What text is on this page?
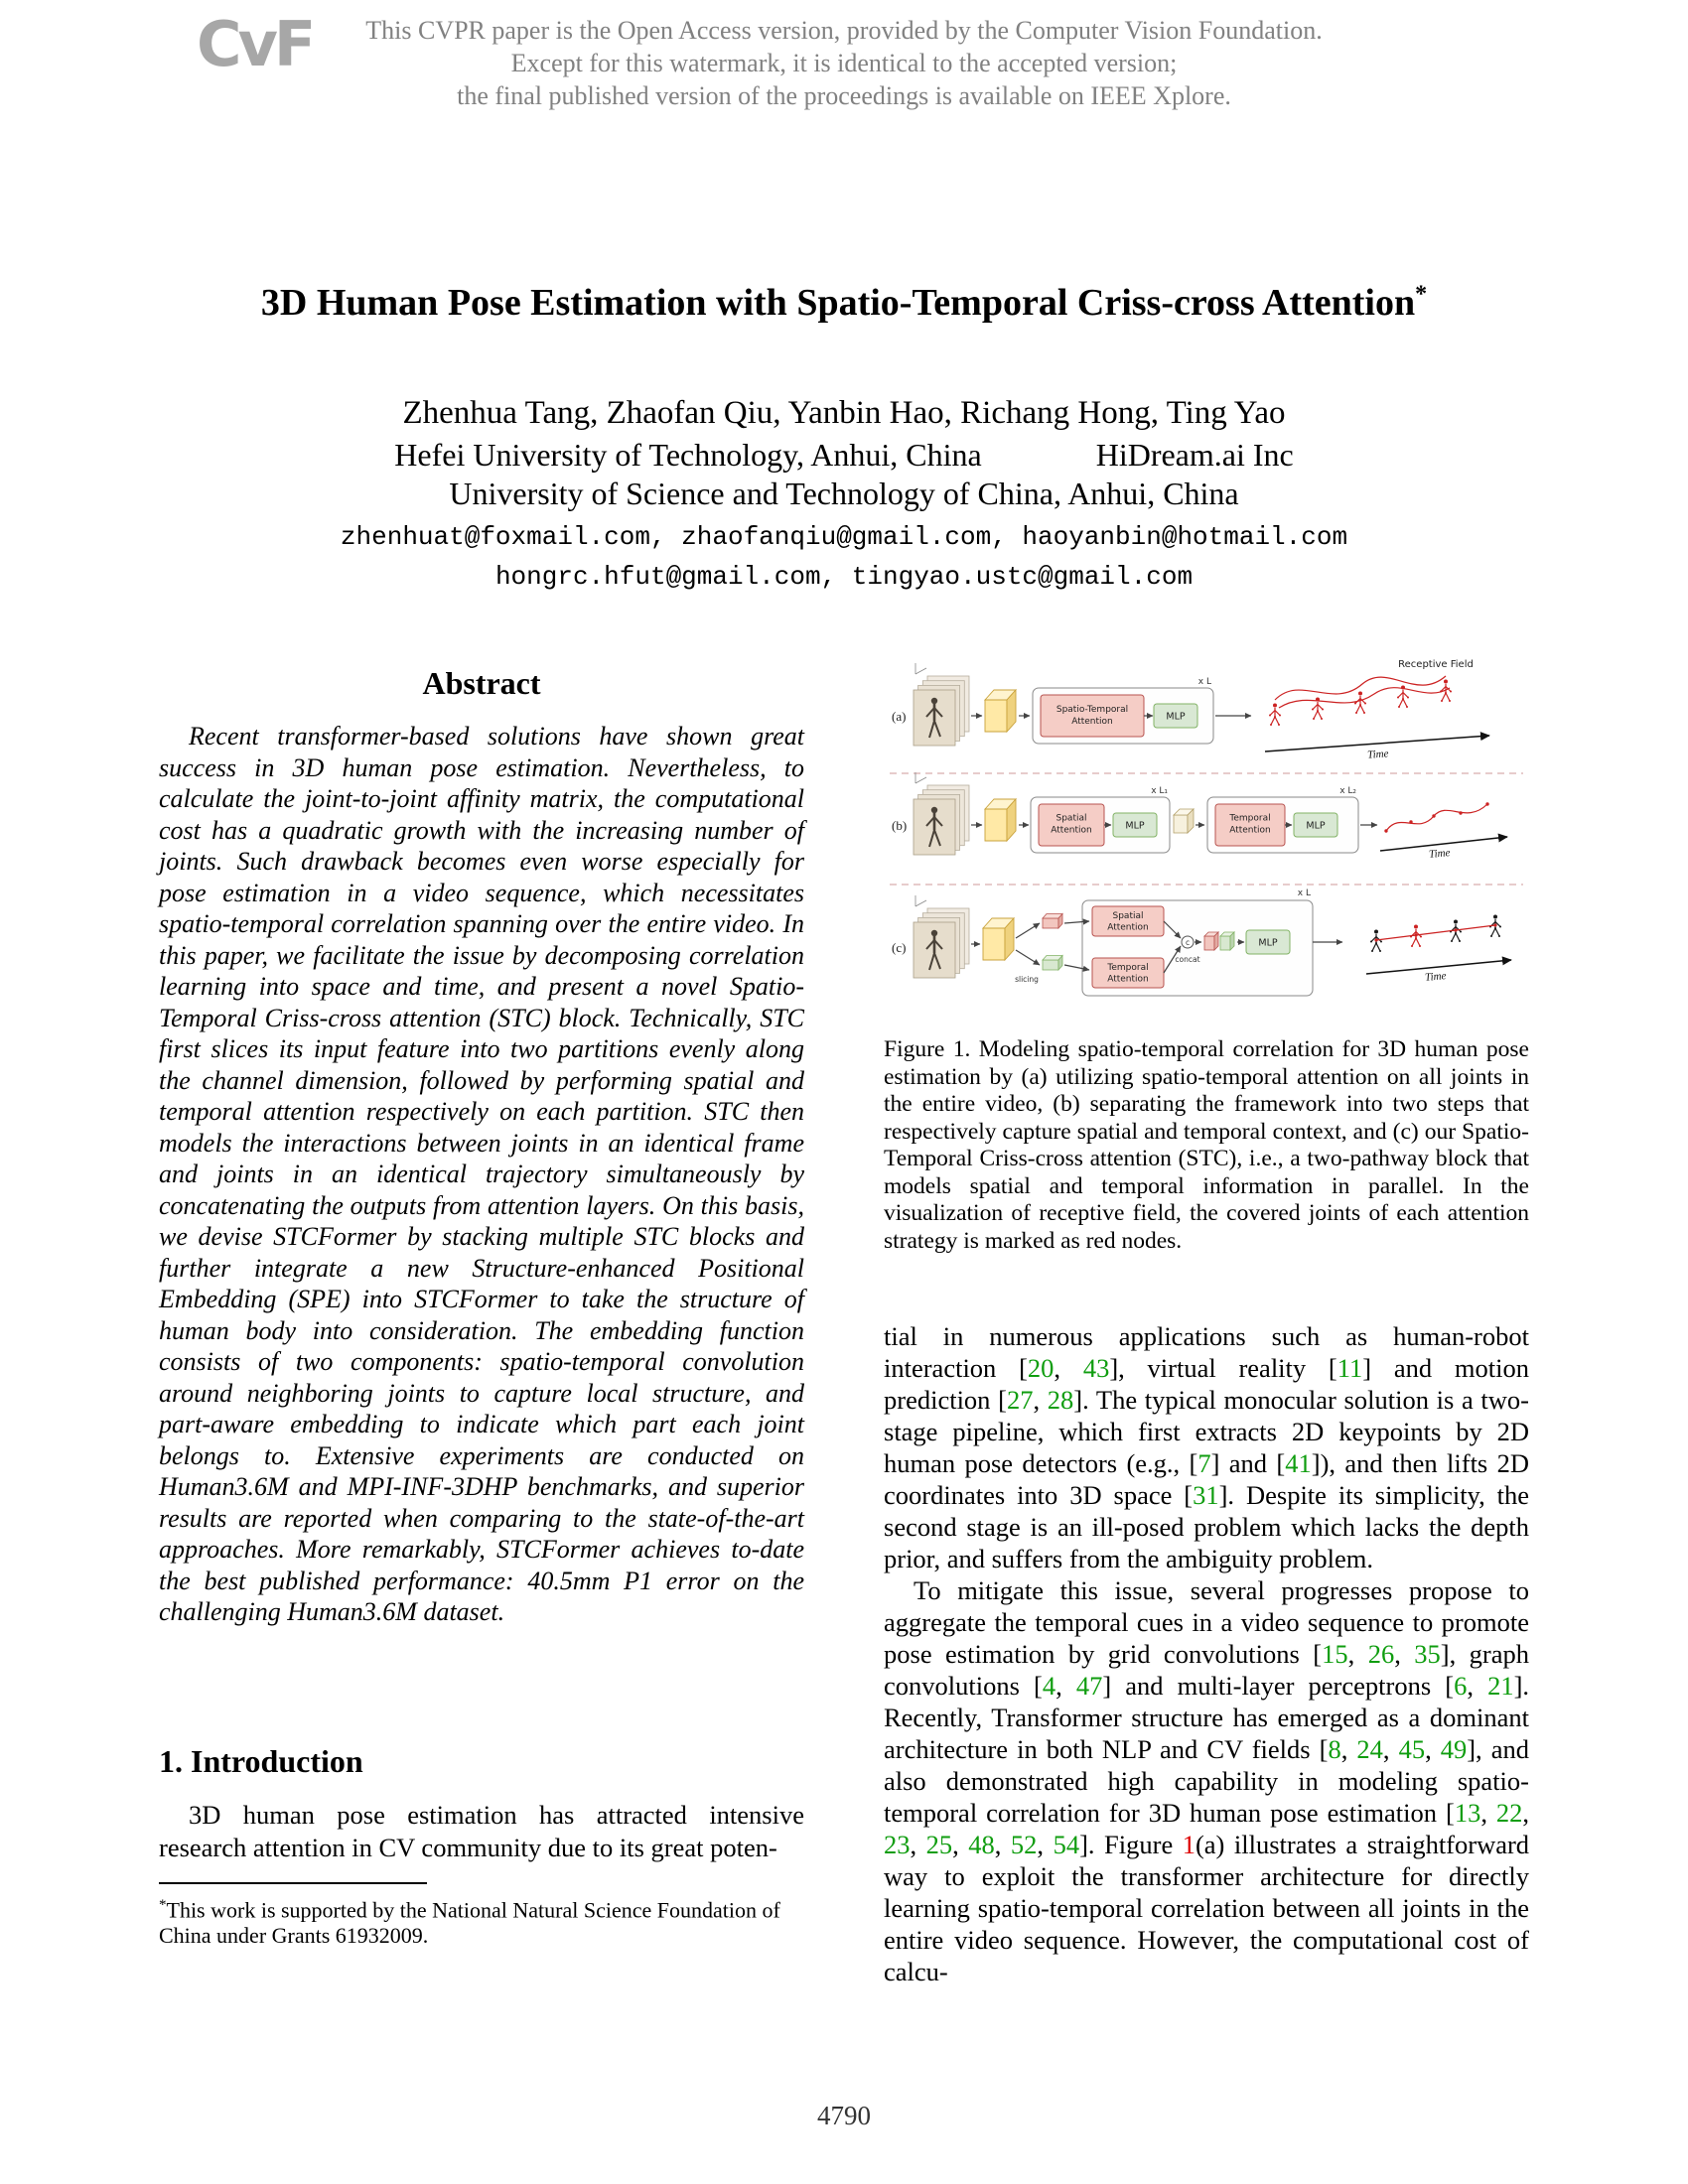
CvF	This CVPR paper is the Open Access version, provided by the Computer Vision Foundation.
Except for this watermark, it is identical to the accepted version;
the final published version of the proceedings is available on IEEE Xplore.
3D Human Pose Estimation with Spatio-Temporal Criss-cross Attention*
Zhenhua Tang, Zhaofan Qiu, Yanbin Hao, Richang Hong, Ting Yao
Hefei University of Technology, Anhui, China	HiDream.ai Inc
University of Science and Technology of China, Anhui, China
zhenhuat@foxmail.com, zhaofanqiu@gmail.com, haoyanbin@hotmail.com
hongrc.hfut@gmail.com, tingyao.ustc@gmail.com
Abstract

Recent transformer-based solutions have shown great success in 3D human pose estimation. Nevertheless, to calculate the joint-to-joint affinity matrix, the computational cost has a quadratic growth with the increasing number of joints. Such drawback becomes even worse especially for pose estimation in a video sequence, which necessitates spatio-temporal correlation spanning over the entire video. In this paper, we facilitate the issue by decomposing correlation learning into space and time, and present a novel Spatio-Temporal Criss-cross attention (STC) block. Technically, STC first slices its input feature into two partitions evenly along the channel dimension, followed by performing spatial and temporal attention respectively on each partition. STC then models the interactions between joints in an identical frame and joints in an identical trajectory simultaneously by concatenating the outputs from attention layers. On this basis, we devise STCFormer by stacking multiple STC blocks and further integrate a new Structure-enhanced Positional Embedding (SPE) into STCFormer to take the structure of human body into consideration. The embedding function consists of two components: spatio-temporal convolution around neighboring joints to capture local structure, and part-aware embedding to indicate which part each joint belongs to. Extensive experiments are conducted on Human3.6M and MPI-INF-3DHP benchmarks, and superior results are reported when comparing to the state-of-the-art approaches. More remarkably, STCFormer achieves to-date the best published performance: 40.5mm P1 error on the challenging Human3.6M dataset.

1. Introduction

3D human pose estimation has attracted intensive research attention in CV community due to its great poten-

*This work is supported by the National Natural Science Foundation of China under Grants 61932009.
Receptive Field
(a)	Spatio-Temporal
Attention	MLP
x L
Time
(b)	Spatial
Attention	MLP
x L₁
Temporal
Attention	MLP
x L₂
Time
(c)
slicing
Spatial
Attention
Temporal
Attention
c
concat
MLP
x L
Time
Figure 1. Modeling spatio-temporal correlation for 3D human pose estimation by (a) utilizing spatio-temporal attention on all joints in the entire video, (b) separating the framework into two steps that respectively capture spatial and temporal context, and (c) our Spatio-Temporal Criss-cross attention (STC), i.e., a two-pathway block that models spatial and temporal information in parallel. In the visualization of receptive field, the covered joints of each attention strategy is marked as red nodes.

tial in numerous applications such as human-robot interaction [20, 43], virtual reality [11] and motion prediction [27, 28]. The typical monocular solution is a two-stage pipeline, which first extracts 2D keypoints by 2D human pose detectors (e.g., [7] and [41]), and then lifts 2D coordinates into 3D space [31]. Despite its simplicity, the second stage is an ill-posed problem which lacks the depth prior, and suffers from the ambiguity problem.

To mitigate this issue, several progresses propose to aggregate the temporal cues in a video sequence to promote pose estimation by grid convolutions [15, 26, 35], graph convolutions [4, 47] and multi-layer perceptrons [6, 21]. Recently, Transformer structure has emerged as a dominant architecture in both NLP and CV fields [8, 24, 45, 49], and also demonstrated high capability in modeling spatio-temporal correlation for 3D human pose estimation [13, 22, 23, 25, 48, 52, 54]. Figure 1(a) illustrates a straightforward way to exploit the transformer architecture for directly learning spatio-temporal correlation between all joints in the entire video sequence. However, the computational cost of calcu-

4790
